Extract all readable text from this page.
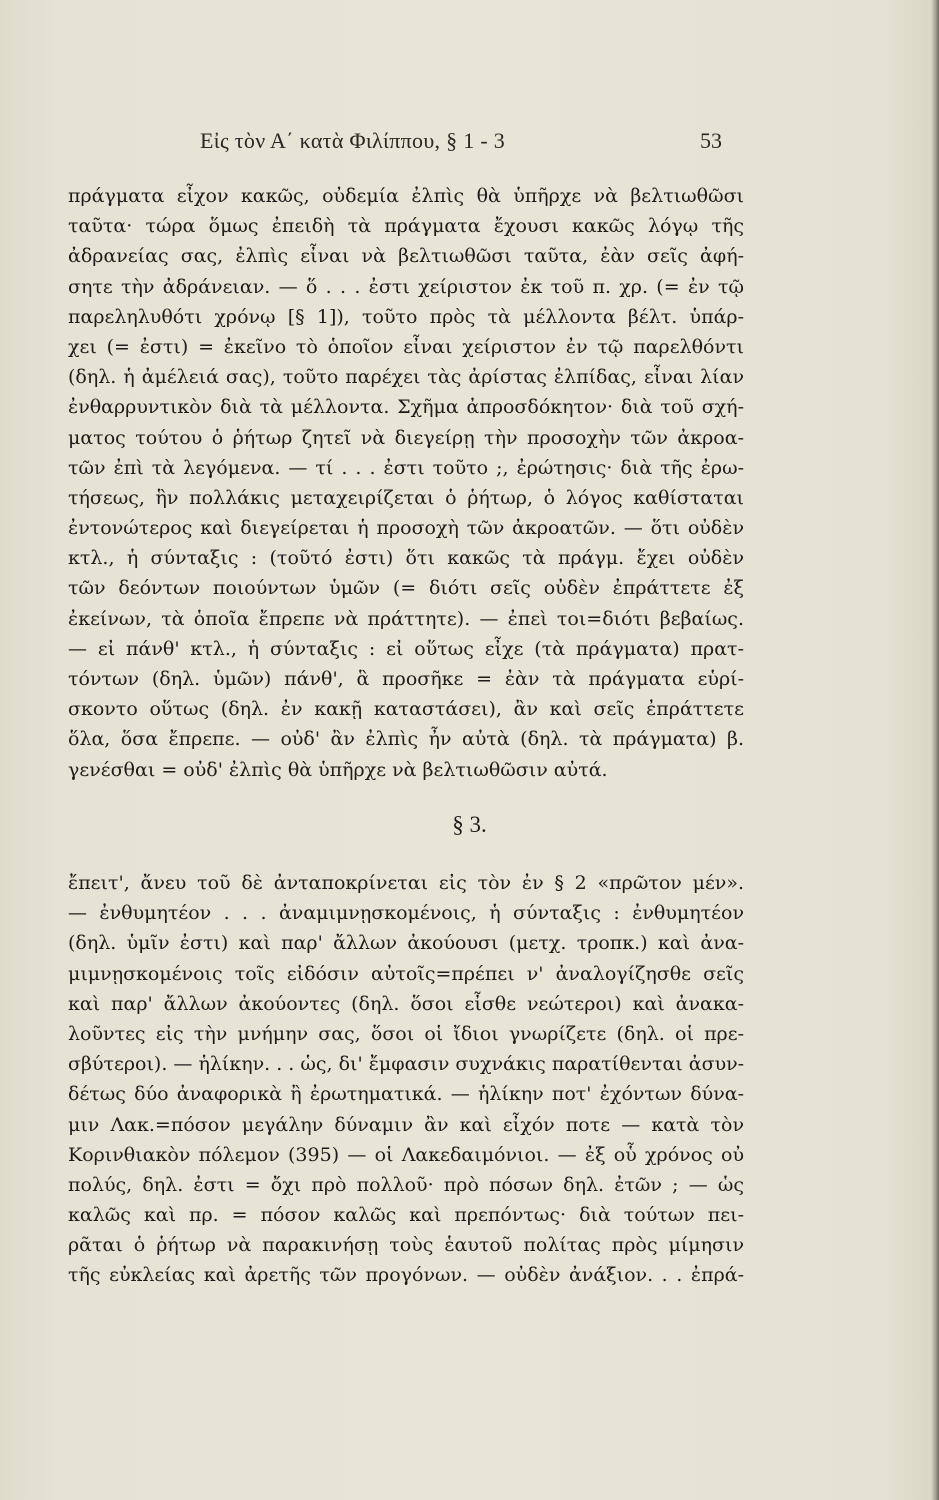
Εἰς τὸν Α΄ κατὰ Φιλίππου, § 1 - 3	53
πράγματα εἶχον κακῶς, οὐδεμία ἐλπὶς θὰ ὑπῆρχε νὰ βελτιωθῶσι
ταῦτα· τώρα ὅμως ἐπειδὴ τὰ πράγματα ἔχουσι κακῶς λόγῳ τῆς
ἀδρανείας σας, ἐλπὶς εἶναι νὰ βελτιωθῶσι ταῦτα, ἐὰν σεῖς ἀφή-
σητε τὴν ἀδράνειαν. — ὅ . . . ἐστι χείριστον ἐκ τοῦ π. χρ. (= ἐν τῷ
παρεληλυθότι χρόνῳ [§ 1]), τοῦτο πρὸς τὰ μέλλοντα βέλτ. ὑπάρ-
χει (= ἐστι) = ἐκεῖνο τὸ ὁποῖον εἶναι χείριστον ἐν τῷ παρελθόντι
(δηλ. ἡ ἀμέλειά σας), τοῦτο παρέχει τὰς ἀρίστας ἐλπίδας, εἶναι λίαν
ἐνθαρρυντικὸν διὰ τὰ μέλλοντα. Σχῆμα ἀπροσδόκητον· διὰ τοῦ σχή-
ματος τούτου ὁ ῥήτωρ ζητεῖ νὰ διεγείρῃ τὴν προσοχὴν τῶν ἀκροα-
τῶν ἐπὶ τὰ λεγόμενα. — τί . . . ἐστι τοῦτο ;, ἐρώτησις· διὰ τῆς ἐρω-
τήσεως, ἣν πολλάκις μεταχειρίζεται ὁ ῥήτωρ, ὁ λόγος καθίσταται
ἐντονώτερος καὶ διεγείρεται ἡ προσοχὴ τῶν ἀκροατῶν. — ὅτι οὐδὲν
κτλ., ἡ σύνταξις : (τοῦτό ἐστι) ὅτι κακῶς τὰ πράγμ. ἔχει οὐδὲν
τῶν δεόντων ποιούντων ὑμῶν (= διότι σεῖς οὐδὲν ἐπράττετε ἐξ
ἐκείνων, τὰ ὁποῖα ἔπρεπε νὰ πράττητε). — ἐπεὶ τοι=διότι βεβαίως.
— εἰ πάνθ' κτλ., ἡ σύνταξις : εἰ οὕτως εἶχε (τὰ πράγματα) πρατ-
τόντων (δηλ. ὑμῶν) πάνθ', ἃ προσῆκε = ἐὰν τὰ πράγματα εὑρί-
σκοντο οὕτως (δηλ. ἐν κακῇ καταστάσει), ἂν καὶ σεῖς ἐπράττετε
ὅλα, ὅσα ἔπρεπε. — οὐδ' ἂν ἐλπὶς ἦν αὐτὰ (δηλ. τὰ πράγματα) β.
γενέσθαι = οὐδ' ἐλπὶς θὰ ὑπῆρχε νὰ βελτιωθῶσιν αὐτά.
§ 3.
ἔπειτ', ἄνευ τοῦ δὲ ἀνταποκρίνεται εἰς τὸν ἐν § 2 «πρῶτον μέν».
— ἐνθυμητέον . . . ἀναμιμνῃσκομένοις, ἡ σύνταξις : ἐνθυμητέον
(δηλ. ὑμῖν ἐστι) καὶ παρ' ἄλλων ἀκούουσι (μετχ. τροπκ.) καὶ ἀνα-
μιμνῃσκομένοις τοῖς εἰδόσιν αὐτοῖς=πρέπει ν' ἀναλογίζησθε σεῖς
καὶ παρ' ἄλλων ἀκούοντες (δηλ. ὅσοι εἶσθε νεώτεροι) καὶ ἀνακα-
λοῦντες εἰς τὴν μνήμην σας, ὅσοι οἱ ἴδιοι γνωρίζετε (δηλ. οἱ πρε-
σβύτεροι). — ἡλίκην. . . ὡς, δι' ἔμφασιν συχνάκις παρατίθενται ἀσυν-
δέτως δύο ἀναφορικὰ ἢ ἐρωτηματικά. — ἡλίκην ποτ' ἐχόντων δύνα-
μιν Λακ.=πόσον μεγάλην δύναμιν ἂν καὶ εἶχόν ποτε — κατὰ τὸν
Κορινθιακὸν πόλεμον (395) — οἱ Λακεδαιμόνιοι. — ἐξ οὗ χρόνος οὐ
πολύς, δηλ. ἐστι = ὄχι πρὸ πολλοῦ· πρὸ πόσων δηλ. ἐτῶν ; — ὡς
καλῶς καὶ πρ. = πόσον καλῶς καὶ πρεπόντως· διὰ τούτων πει-
ρᾶται ὁ ῥήτωρ νὰ παρακινήσῃ τοὺς ἑαυτοῦ πολίτας πρὸς μίμησιν
τῆς εὐκλείας καὶ ἀρετῆς τῶν προγόνων. — οὐδὲν ἀνάξιον. . . ἐπρά-
